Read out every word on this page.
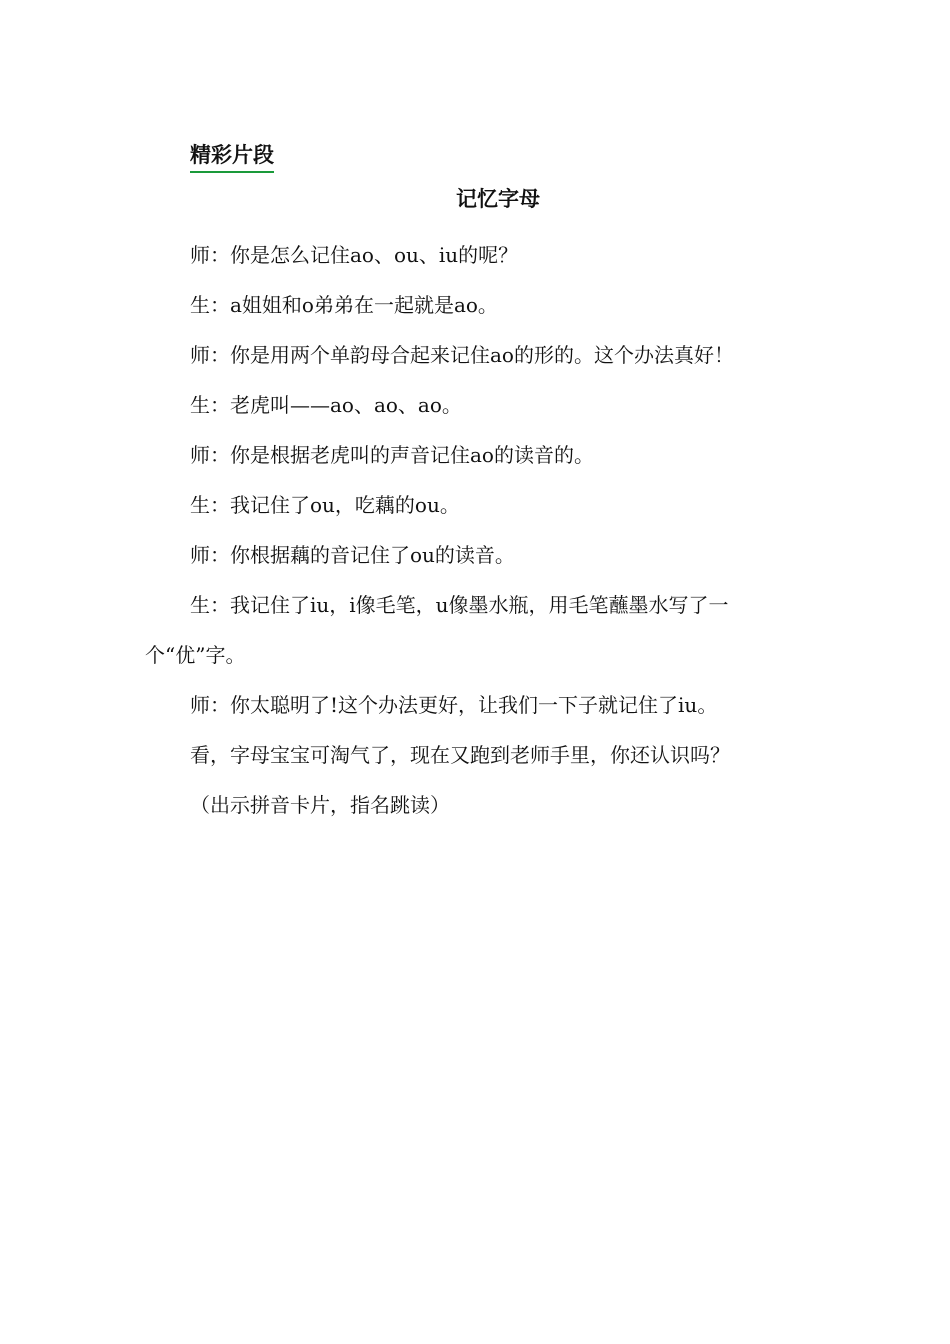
精彩片段
记忆字母

师：你是怎么记住ao、ou、iu的呢？

生：a姐姐和o弟弟在一起就是ao。

师：你是用两个单韵母合起来记住ao的形的。这个办法真好！

生：老虎叫——ao、ao、ao。

师：你是根据老虎叫的声音记住ao的读音的。

生：我记住了ou，吃藕的ou。

师：你根据藕的音记住了ou的读音。

生：我记住了iu，i像毛笔，u像墨水瓶，用毛笔蘸墨水写了一个“优”字。

师：你太聪明了!这个办法更好，让我们一下子就记住了iu。

看，字母宝宝可淘气了，现在又跑到老师手里，你还认识吗？

（出示拼音卡片，指名跳读）
